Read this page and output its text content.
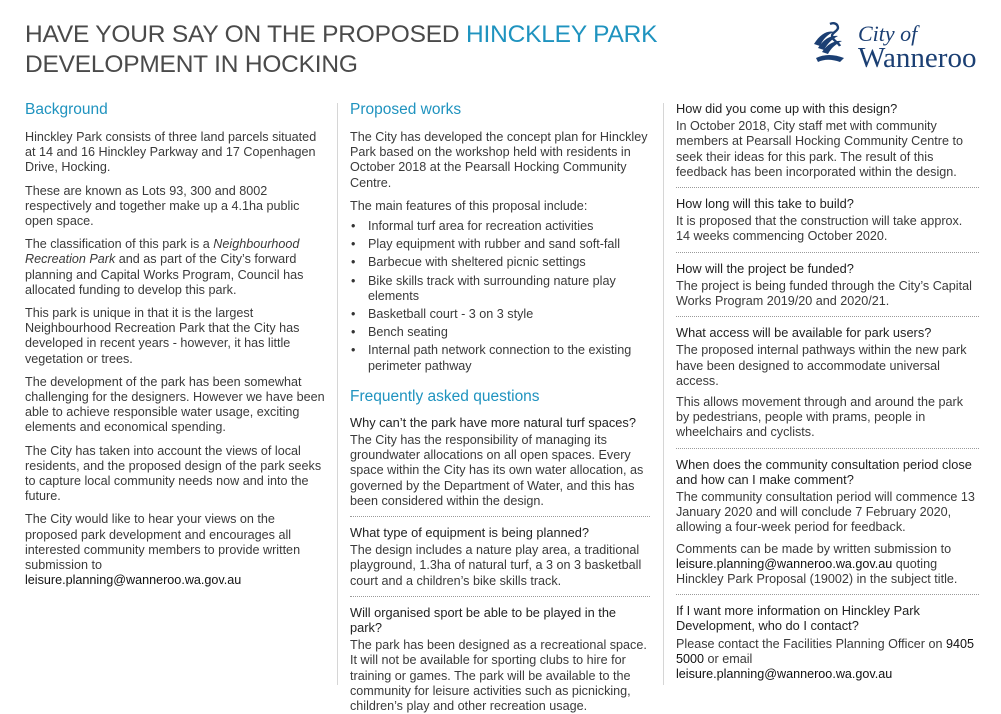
HAVE YOUR SAY ON THE PROPOSED HINCKLEY PARK
DEVELOPMENT IN HOCKING
City of
Wanneroo
Background

Hinckley Park consists of three land parcels situated at 14 and 16 Hinckley Parkway and 17 Copenhagen Drive, Hocking.

These are known as Lots 93, 300 and 8002 respectively and together make up a 4.1ha public open space.

The classification of this park is a Neighbourhood Recreation Park and as part of the City’s forward planning and Capital Works Program, Council has allocated funding to develop this park.

This park is unique in that it is the largest Neighbourhood Recreation Park that the City has developed in recent years - however, it has little vegetation or trees.

The development of the park has been somewhat challenging for the designers. However we have been able to achieve responsible water usage, exciting elements and economical spending.

The City has taken into account the views of local residents, and the proposed design of the park seeks to capture local community needs now and into the future.

The City would like to hear your views on the proposed park development and encourages all interested community members to provide written submission to
leisure.planning@wanneroo.wa.gov.au

Proposed works

The City has developed the concept plan for Hinckley Park based on the workshop held with residents in October 2018 at the Pearsall Hocking Community Centre.

The main features of this proposal include:

• Informal turf area for recreation activities
• Play equipment with rubber and sand soft-fall
• Barbecue with sheltered picnic settings
• Bike skills track with surrounding nature play elements
• Basketball court - 3 on 3 style
• Bench seating
• Internal path network connection to the existing perimeter pathway
Frequently asked questions
Why can’t the park have more natural turf spaces?
The City has the responsibility of managing its groundwater allocations on all open spaces. Every space within the City has its own water allocation, as governed by the Department of Water, and this has been considered within the design.
What type of equipment is being planned?
The design includes a nature play area, a traditional playground, 1.3ha of natural turf, a 3 on 3 basketball court and a children’s bike skills track.
Will organised sport be able to be played in the park?
The park has been designed as a recreational space. It will not be available for sporting clubs to hire for training or games. The park will be available to the community for leisure activities such as picnicking, children’s play and other recreation usage.
How did you come up with this design?
In October 2018, City staff met with community members at Pearsall Hocking Community Centre to seek their ideas for this park. The result of this feedback has been incorporated within the design.
How long will this take to build?
It is proposed that the construction will take approx. 14 weeks commencing October 2020.
How will the project be funded?
The project is being funded through the City’s Capital Works Program 2019/20 and 2020/21.
What access will be available for park users?
The proposed internal pathways within the new park have been designed to accommodate universal access.
This allows movement through and around the park by pedestrians, people with prams, people in wheelchairs and cyclists.
When does the community consultation period close and how can I make comment?
The community consultation period will commence 13 January 2020 and will conclude 7 February 2020, allowing a four-week period for feedback.
Comments can be made by written submission to
leisure.planning@wanneroo.wa.gov.au quoting Hinckley Park Proposal (19002) in the subject title.
If I want more information on Hinckley Park Development, who do I contact?
Please contact the Facilities Planning Officer on 9405 5000 or email
leisure.planning@wanneroo.wa.gov.au
